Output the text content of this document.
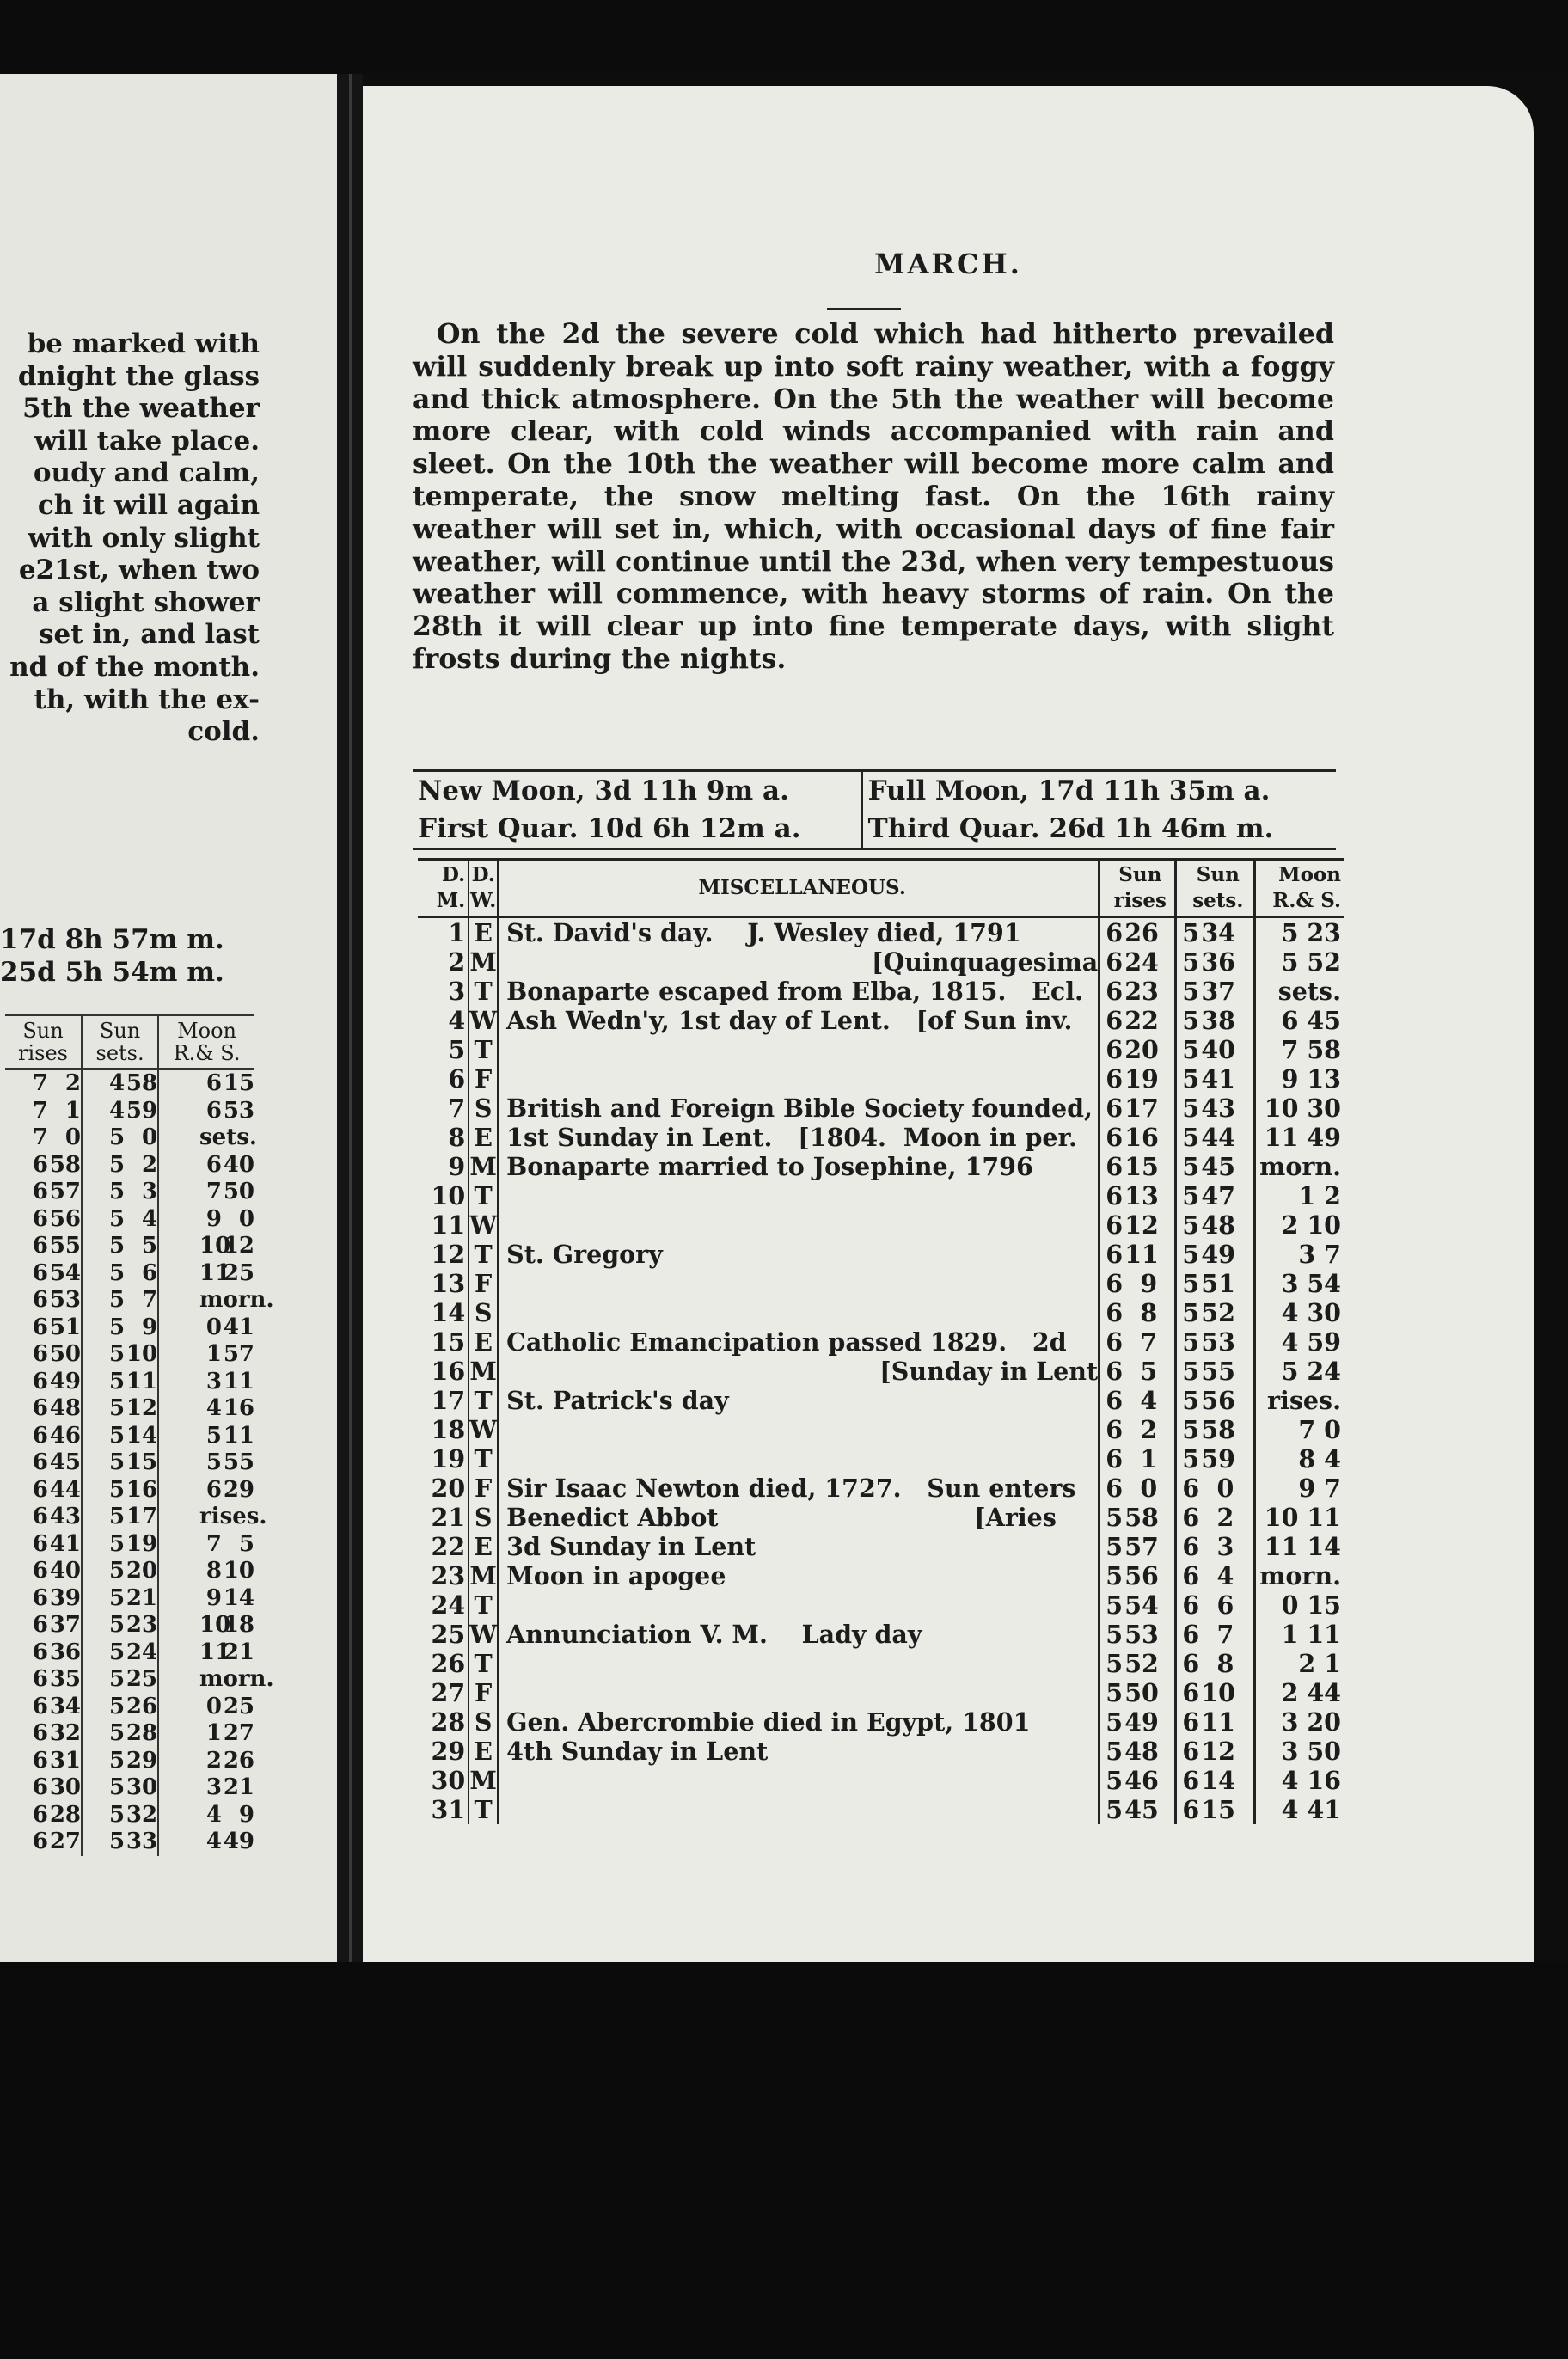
be marked with
dnight the glass
5th the weather
will take place.
oudy and calm,
ch it will again
with only slight
e21st, when two
a slight shower
set in, and last
nd of the month.
th, with the ex-
cold.
17d 8h 57m m.
25d 5h 54m m.
Sun rises	Sun sets.	Moon R.& S.
7 2	458	615
7 1	459	653
7 0	5 0	sets.
658	5 2	640
657	5 3	750
656	5 4	9 0
655	5 5	1012
654	5 6	1125
653	5 7	morn.
651	5 9	041
650	510	157
649	511	311
648	512	416
646	514	511
645	515	555
644	516	629
643	517	rises.
641	519	7 5
640	520	810
639	521	914
637	523	1018
636	524	1121
635	525	morn.
634	526	025
632	528	127
631	529	226
630	530	321
628	532	4 9
627	533	449
MARCH.

On the 2d the severe cold which had hitherto prevailed will suddenly break up into soft rainy weather, with a foggy and thick atmosphere. On the 5th the weather will become more clear, with cold winds accompanied with rain and sleet. On the 10th the weather will become more calm and temperate, the snow melting fast. On the 16th rainy weather will set in, which, with occasional days of fine fair weather, will continue until the 23d, when very tempestuous weather will commence, with heavy storms of rain. On the 28th it will clear up into fine temperate days, with slight frosts during the nights.

New Moon, 3d 11h 9m a.	Full Moon, 17d 11h 35m a.
First Quar. 10d 6h 12m a.	Third Quar. 26d 1h 46m m.
D. M.	D. W.	MISCELLANEOUS.	Sun rises	Sun sets.	Moon R.& S.
1	E	St. David's day.    J. Wesley died, 1791	626	534	5 23
2	M	[Quinquagesima	624	536	5 52
3	T	Bonaparte escaped from Elba, 1815.   Ecl.	623	537	sets.
4	W	Ash Wedn'y, 1st day of Lent.   [of Sun inv.	622	538	6 45
5	T		620	540	7 58
6	F		619	541	9 13
7	S	British and Foreign Bible Society founded,	617	543	10 30
8	E	1st Sunday in Lent.   [1804.  Moon in per.	616	544	11 49
9	M	Bonaparte married to Josephine, 1796	615	545	morn.
10	T		613	547	1 2
11	W		612	548	2 10
12	T	St. Gregory	611	549	3 7
13	F		6 9	551	3 54
14	S		6 8	552	4 30
15	E	Catholic Emancipation passed 1829.   2d	6 7	553	4 59
16	M	[Sunday in Lent	6 5	555	5 24
17	T	St. Patrick's day	6 4	556	rises.
18	W		6 2	558	7 0
19	T		6 1	559	8 4
20	F	Sir Isaac Newton died, 1727.   Sun enters	6 0	6 0	9 7
21	S	Benedict Abbot                              [Aries	558	6 2	10 11
22	E	3d Sunday in Lent	557	6 3	11 14
23	M	Moon in apogee	556	6 4	morn.
24	T		554	6 6	0 15
25	W	Annunciation V. M.    Lady day	553	6 7	1 11
26	T		552	6 8	2 1
27	F		550	610	2 44
28	S	Gen. Abercrombie died in Egypt, 1801	549	611	3 20
29	E	4th Sunday in Lent	548	612	3 50
30	M		546	614	4 16
31	T		545	615	4 41
